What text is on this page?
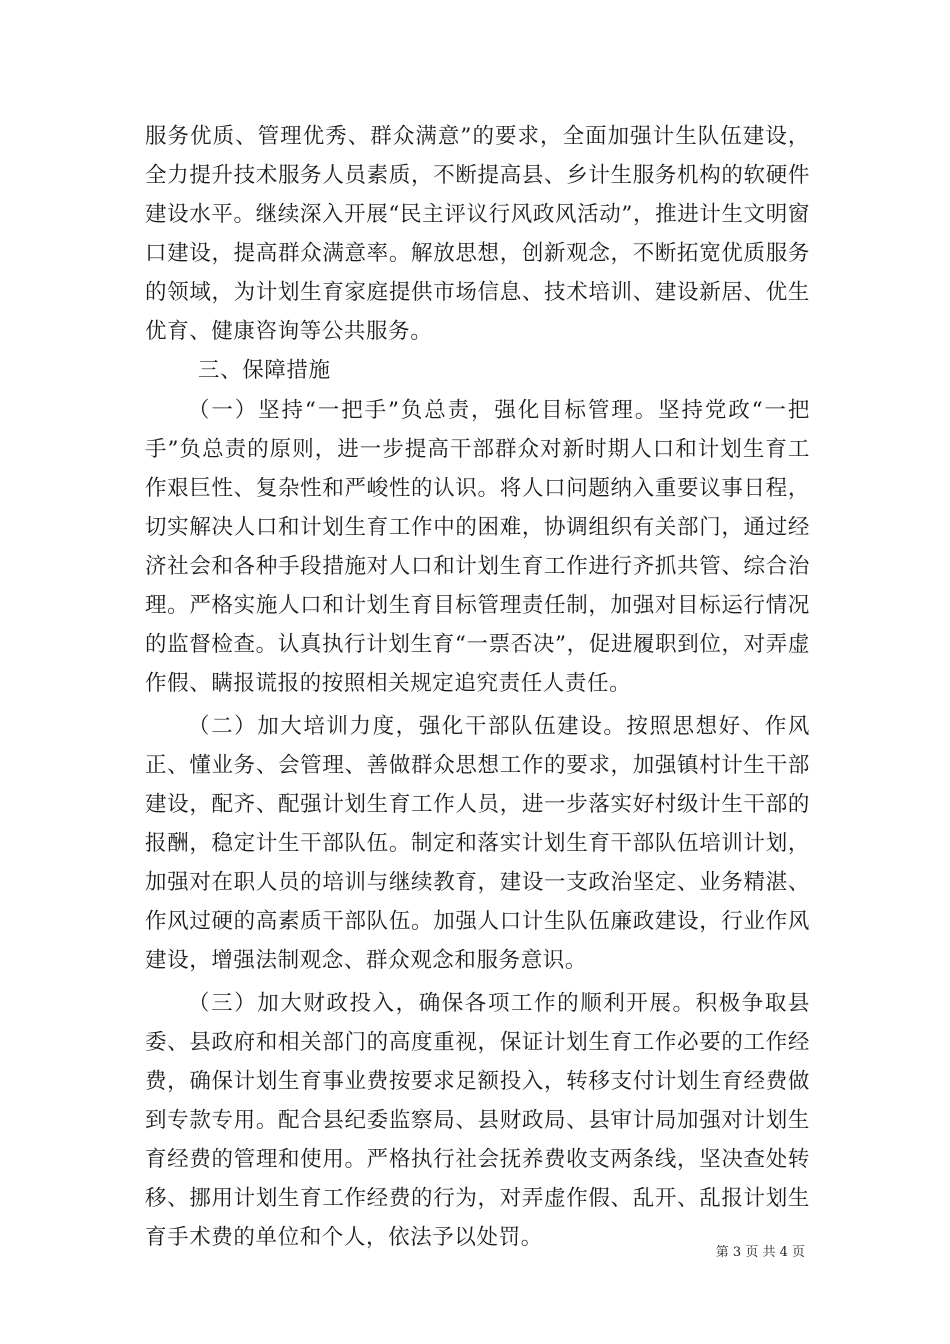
服务优质、管理优秀、群众满意”的要求，全面加强计生队伍建设，全力提升技术服务人员素质，不断提高县、乡计生服务机构的软硬件建设水平。继续深入开展“民主评议行风政风活动”，推进计生文明窗口建设，提高群众满意率。解放思想，创新观念，不断拓宽优质服务的领域，为计划生育家庭提供市场信息、技术培训、建设新居、优生优育、健康咨询等公共服务。

三、保障措施

（一）坚持“一把手”负总责，强化目标管理。坚持党政“一把手”负总责的原则，进一步提高干部群众对新时期人口和计划生育工作艰巨性、复杂性和严峻性的认识。将人口问题纳入重要议事日程，切实解决人口和计划生育工作中的困难，协调组织有关部门，通过经济社会和各种手段措施对人口和计划生育工作进行齐抓共管、综合治理。严格实施人口和计划生育目标管理责任制，加强对目标运行情况的监督检查。认真执行计划生育“一票否决”，促进履职到位，对弄虚作假、瞒报谎报的按照相关规定追究责任人责任。

（二）加大培训力度，强化干部队伍建设。按照思想好、作风正、懂业务、会管理、善做群众思想工作的要求，加强镇村计生干部建设，配齐、配强计划生育工作人员，进一步落实好村级计生干部的报酬，稳定计生干部队伍。制定和落实计划生育干部队伍培训计划，加强对在职人员的培训与继续教育，建设一支政治坚定、业务精湛、作风过硬的高素质干部队伍。加强人口计生队伍廉政建设，行业作风建设，增强法制观念、群众观念和服务意识。

（三）加大财政投入，确保各项工作的顺利开展。积极争取县委、县政府和相关部门的高度重视，保证计划生育工作必要的工作经费，确保计划生育事业费按要求足额投入，转移支付计划生育经费做到专款专用。配合县纪委监察局、县财政局、县审计局加强对计划生育经费的管理和使用。严格执行社会抚养费收支两条线，坚决查处转移、挪用计划生育工作经费的行为，对弄虚作假、乱开、乱报计划生育手术费的单位和个人，依法予以处罚。

第 3 页 共 4 页
